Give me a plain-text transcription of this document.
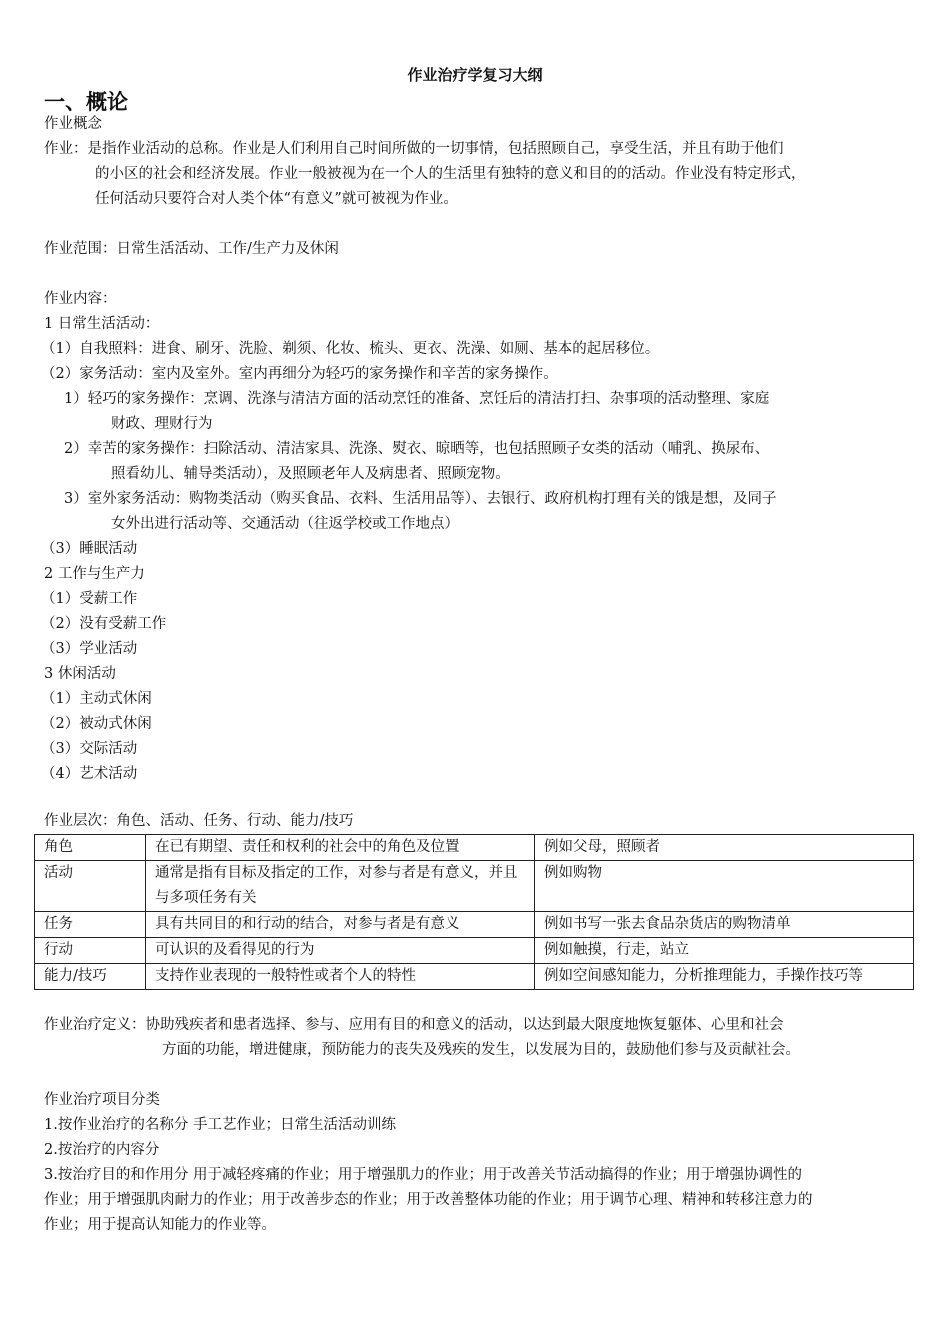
作业治疗学复习大纲
一、概论
作业概念
作业：是指作业活动的总称。作业是人们利用自己时间所做的一切事情，包括照顾自己，享受生活，并且有助于他们
的小区的社会和经济发展。作业一般被视为在一个人的生活里有独特的意义和目的的活动。作业没有特定形式，
任何活动只要符合对人类个体“有意义”就可被视为作业。
作业范围：日常生活活动、工作/生产力及休闲
作业内容：
1 日常生活活动：
（1）自我照料：进食、刷牙、洗脸、剃须、化妆、梳头、更衣、洗澡、如厕、基本的起居移位。
（2）家务活动：室内及室外。室内再细分为轻巧的家务操作和辛苦的家务操作。
1）轻巧的家务操作：烹调、洗涤与清洁方面的活动烹饪的准备、烹饪后的清洁打扫、杂事项的活动整理、家庭
财政、理财行为
2）幸苦的家务操作：扫除活动、清洁家具、洗涤、熨衣、晾晒等，也包括照顾子女类的活动（哺乳、换尿布、
照看幼儿、辅导类活动），及照顾老年人及病患者、照顾宠物。
3）室外家务活动：购物类活动（购买食品、衣料、生活用品等）、去银行、政府机构打理有关的饿是想，及同子
女外出进行活动等、交通活动（往返学校或工作地点）
（3）睡眠活动
2 工作与生产力
（1）受薪工作
（2）没有受薪工作
（3）学业活动
3 休闲活动
（1）主动式休闲
（2）被动式休闲
（3）交际活动
（4）艺术活动
作业层次：角色、活动、任务、行动、能力/技巧
角色	在已有期望、责任和权利的社会中的角色及位置	例如父母，照顾者
活动	通常是指有目标及指定的工作，对参与者是有意义，并且与多项任务有关	例如购物
任务	具有共同目的和行动的结合，对参与者是有意义	例如书写一张去食品杂货店的购物清单
行动	可认识的及看得见的行为	例如触摸，行走，站立
能力/技巧	支持作业表现的一般特性或者个人的特性	例如空间感知能力，分析推理能力，手操作技巧等
作业治疗定义：协助残疾者和患者选择、参与、应用有目的和意义的活动，以达到最大限度地恢复躯体、心里和社会
方面的功能，增进健康，预防能力的丧失及残疾的发生，以发展为目的，鼓励他们参与及贡献社会。
作业治疗项目分类
1.按作业治疗的名称分 手工艺作业；日常生活活动训练
2.按治疗的内容分
3.按治疗目的和作用分 用于减轻疼痛的作业；用于增强肌力的作业；用于改善关节活动搞得的作业；用于增强协调性的
作业；用于增强肌肉耐力的作业；用于改善步态的作业；用于改善整体功能的作业；用于调节心理、精神和转移注意力的
作业；用于提高认知能力的作业等。
